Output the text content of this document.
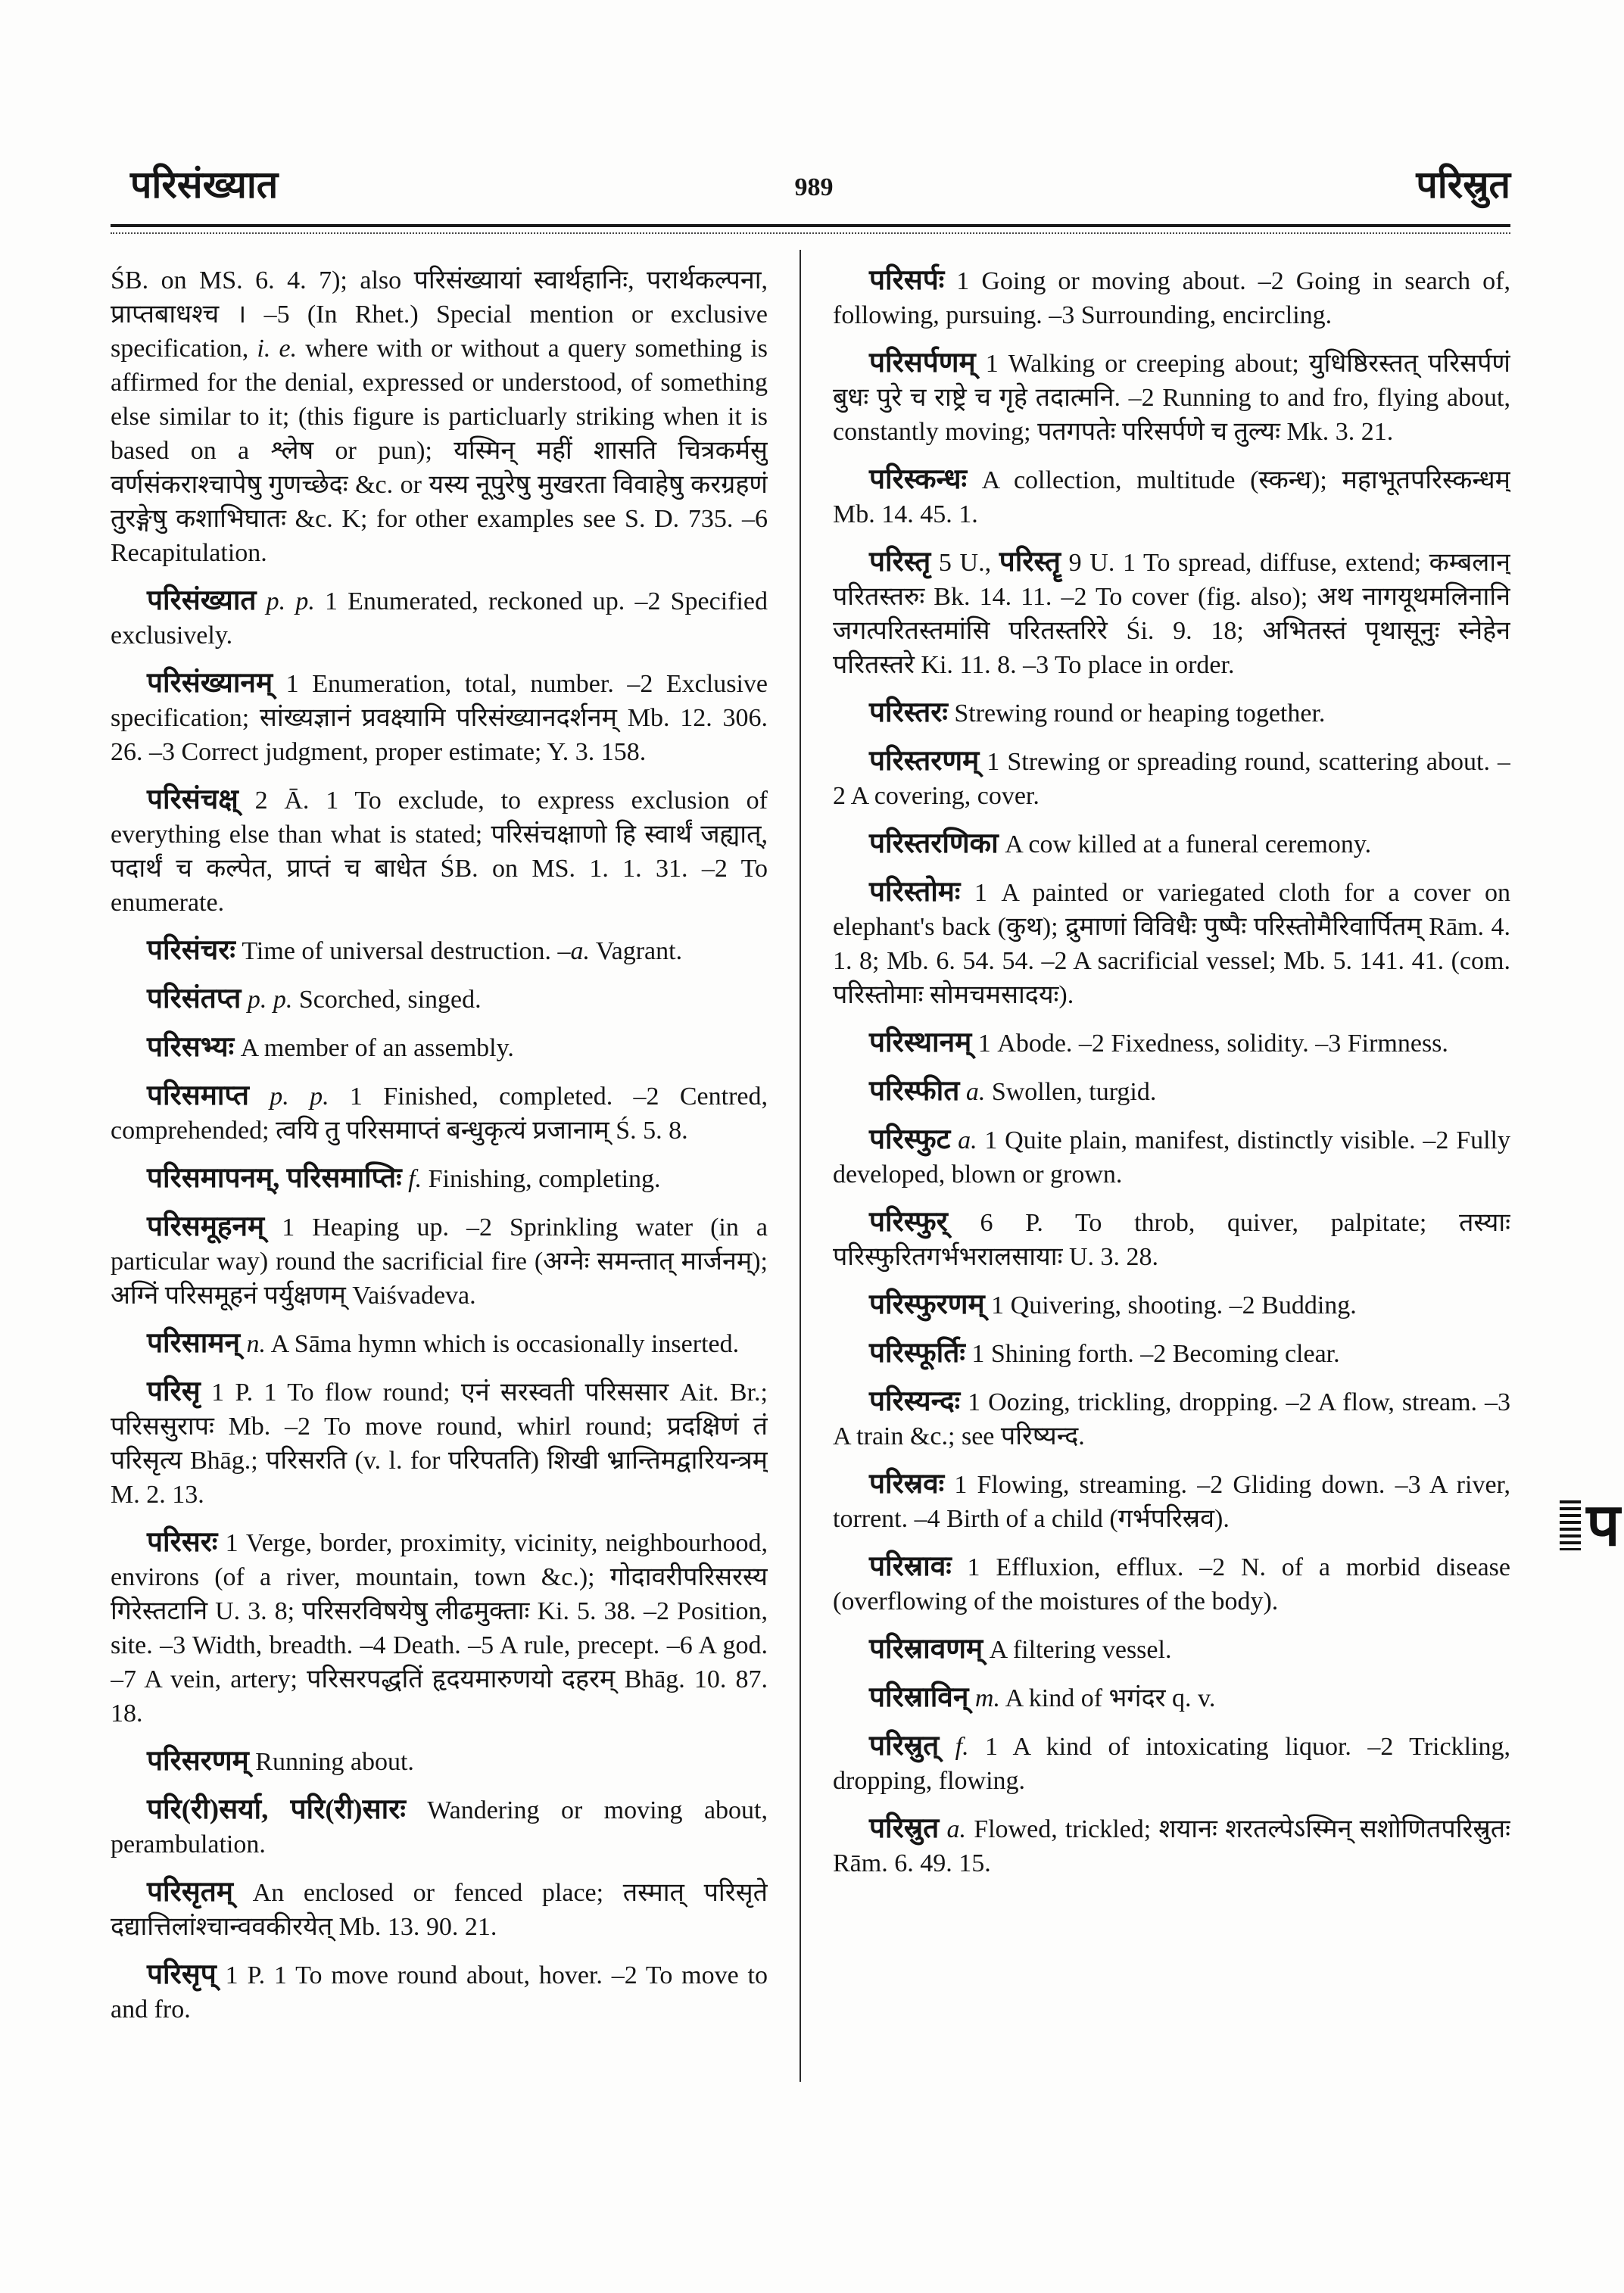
परिसंख्यात	989	परिस्रुत

ŚB. on MS. 6. 4. 7); also परिसंख्यायां स्वार्थहानिः, परार्थकल्पना, प्राप्तबाधश्च । –5 (In Rhet.) Special mention or exclusive specification, i. e. where with or without a query something is affirmed for the denial, expressed or understood, of something else similar to it; (this figure is particluarly striking when it is based on a श्लेष or pun); यस्मिन् महीं शासति चित्रकर्मसु वर्णसंकराश्चापेषु गुणच्छेदः &c. or यस्य नूपुरेषु मुखरता विवाहेषु करग्रहणं तुरङ्गेषु कशाभिघातः &c. K; for other examples see S. D. 735. –6 Recapitulation.

परिसंख्यात p. p. 1 Enumerated, reckoned up. –2 Specified exclusively.

परिसंख्यानम् 1 Enumeration, total, number. –2 Exclusive specification; सांख्यज्ञानं प्रवक्ष्यामि परिसंख्यानदर्शनम् Mb. 12. 306. 26. –3 Correct judgment, proper estimate; Y. 3. 158.

परिसंचक्ष् 2 Ā. 1 To exclude, to express exclusion of everything else than what is stated; परिसंचक्षाणो हि स्वार्थं जह्यात्, पदार्थं च कल्पेत, प्राप्तं च बाधेत ŚB. on MS. 1. 1. 31. –2 To enumerate.

परिसंचरः Time of universal destruction. –a. Vagrant.

परिसंतप्त p. p. Scorched, singed.

परिसभ्यः A member of an assembly.

परिसमाप्त p. p. 1 Finished, completed. –2 Centred, comprehended; त्वयि तु परिसमाप्तं बन्धुकृत्यं प्रजानाम् Ś. 5. 8.

परिसमापनम्, परिसमाप्तिः f. Finishing, completing.

परिसमूहनम् 1 Heaping up. –2 Sprinkling water (in a particular way) round the sacrificial fire (अग्नेः समन्तात् मार्जनम्); अग्निं परिसमूहनं पर्युक्षणम् Vaiśvadeva.

परिसामन् n. A Sāma hymn which is occasionally inserted.

परिसृ 1 P. 1 To flow round; एनं सरस्वती परिससार Ait. Br.; परिससुरापः Mb. –2 To move round, whirl round; प्रदक्षिणं तं परिसृत्य Bhāg.; परिसरति (v. l. for परिपतति) शिखी भ्रान्तिमद्वारियन्त्रम् M. 2. 13.

परिसरः 1 Verge, border, proximity, vicinity, neighbourhood, environs (of a river, mountain, town &c.); गोदावरीपरिसरस्य गिरेस्तटानि U. 3. 8; परिसरविषयेषु लीढमुक्ताः Ki. 5. 38. –2 Position, site. –3 Width, breadth. –4 Death. –5 A rule, precept. –6 A god. –7 A vein, artery; परिसरपद्धतिं हृदयमारुणयो दहरम् Bhāg. 10. 87. 18.

परिसरणम् Running about.

परि(री)सर्या, परि(री)सारः Wandering or moving about, perambulation.

परिसृतम् An enclosed or fenced place; तस्मात् परिसृते दद्यात्तिलांश्चान्ववकीरयेत् Mb. 13. 90. 21.

परिसृप् 1 P. 1 To move round about, hover. –2 To move to and fro.

परिसर्पः 1 Going or moving about. –2 Going in search of, following, pursuing. –3 Surrounding, encircling.

परिसर्पणम् 1 Walking or creeping about; युधिष्ठिरस्तत् परिसर्पणं बुधः पुरे च राष्ट्रे च गृहे तदात्मनि. –2 Running to and fro, flying about, constantly moving; पतगपतेः परिसर्पणे च तुल्यः Mk. 3. 21.

परिस्कन्धः A collection, multitude (स्कन्ध); महाभूतपरिस्कन्धम् Mb. 14. 45. 1.

परिस्तृ 5 U., परिस्तॄ 9 U. 1 To spread, diffuse, extend; कम्बलान् परितस्तरुः Bk. 14. 11. –2 To cover (fig. also); अथ नागयूथमलिनानि जगत्परितस्तमांसि परितस्तरिरे Śi. 9. 18; अभितस्तं पृथासूनुः स्नेहेन परितस्तरे Ki. 11. 8. –3 To place in order.

परिस्तरः Strewing round or heaping together.

परिस्तरणम् 1 Strewing or spreading round, scattering about. –2 A covering, cover.

परिस्तरणिका A cow killed at a funeral ceremony.

परिस्तोमः 1 A painted or variegated cloth for a cover on elephant's back (कुथ); द्रुमाणां विविधैः पुष्पैः परिस्तोमैरिवार्पितम् Rām. 4. 1. 8; Mb. 6. 54. 54. –2 A sacrificial vessel; Mb. 5. 141. 41. (com. परिस्तोमाः सोमचमसादयः).

परिस्थानम् 1 Abode. –2 Fixedness, solidity. –3 Firmness.

परिस्फीत a. Swollen, turgid.

परिस्फुट a. 1 Quite plain, manifest, distinctly visible. –2 Fully developed, blown or grown.

परिस्फुर् 6 P. To throb, quiver, palpitate; तस्याः परिस्फुरितगर्भभरालसायाः U. 3. 28.

परिस्फुरणम् 1 Quivering, shooting. –2 Budding.

परिस्फूर्तिः 1 Shining forth. –2 Becoming clear.

परिस्यन्दः 1 Oozing, trickling, dropping. –2 A flow, stream. –3 A train &c.; see परिष्यन्द.

परिस्रवः 1 Flowing, streaming. –2 Gliding down. –3 A river, torrent. –4 Birth of a child (गर्भपरिस्रव).

परिस्रावः 1 Effluxion, efflux. –2 N. of a morbid disease (overflowing of the moistures of the body).

परिस्रावणम् A filtering vessel.

परिस्राविन् m. A kind of भगंदर q. v.

परिस्रुत् f. 1 A kind of intoxicating liquor. –2 Trickling, dropping, flowing.

परिस्रुत a. Flowed, trickled; शयानः शरतल्पेऽस्मिन् सशोणितपरिस्रुतः Rām. 6. 49. 15.

प
